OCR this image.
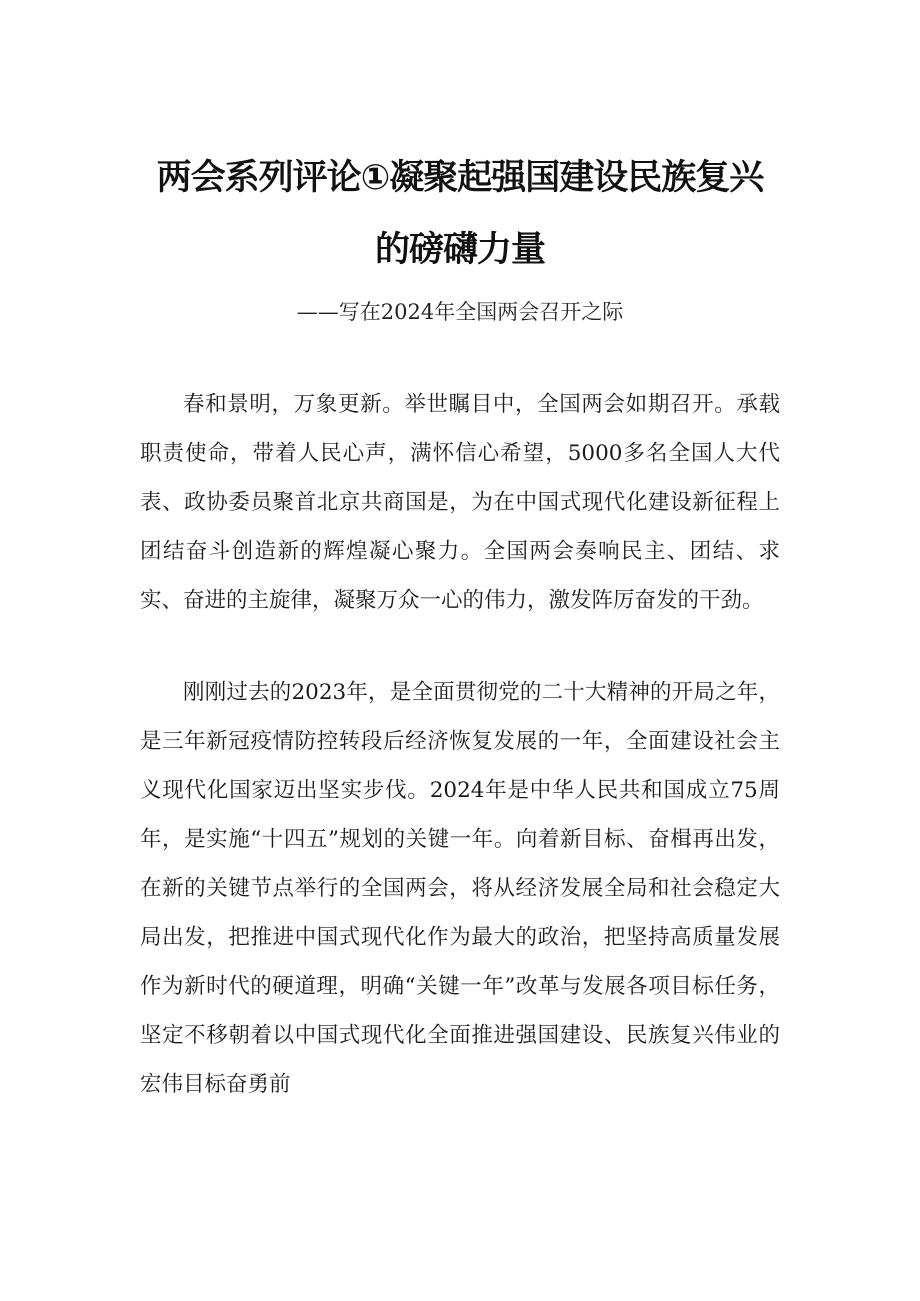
两会系列评论①凝聚起强国建设民族复兴
的磅礴力量
——写在2024年全国两会召开之际

春和景明，万象更新。举世瞩目中，全国两会如期召开。承载职责使命，带着人民心声，满怀信心希望，5000多名全国人大代表、政协委员聚首北京共商国是，为在中国式现代化建设新征程上团结奋斗创造新的辉煌凝心聚力。全国两会奏响民主、团结、求实、奋进的主旋律，凝聚万众一心的伟力，激发阵厉奋发的干劲。

刚刚过去的2023年，是全面贯彻党的二十大精神的开局之年，是三年新冠疫情防控转段后经济恢复发展的一年，全面建设社会主义现代化国家迈出坚实步伐。2024年是中华人民共和国成立75周年，是实施“十四五”规划的关键一年。向着新目标、奋楫再出发，在新的关键节点举行的全国两会，将从经济发展全局和社会稳定大局出发，把推进中国式现代化作为最大的政治，把坚持高质量发展作为新时代的硬道理，明确“关键一年”改革与发展各项目标任务，坚定不移朝着以中国式现代化全面推进强国建设、民族复兴伟业的宏伟目标奋勇前
